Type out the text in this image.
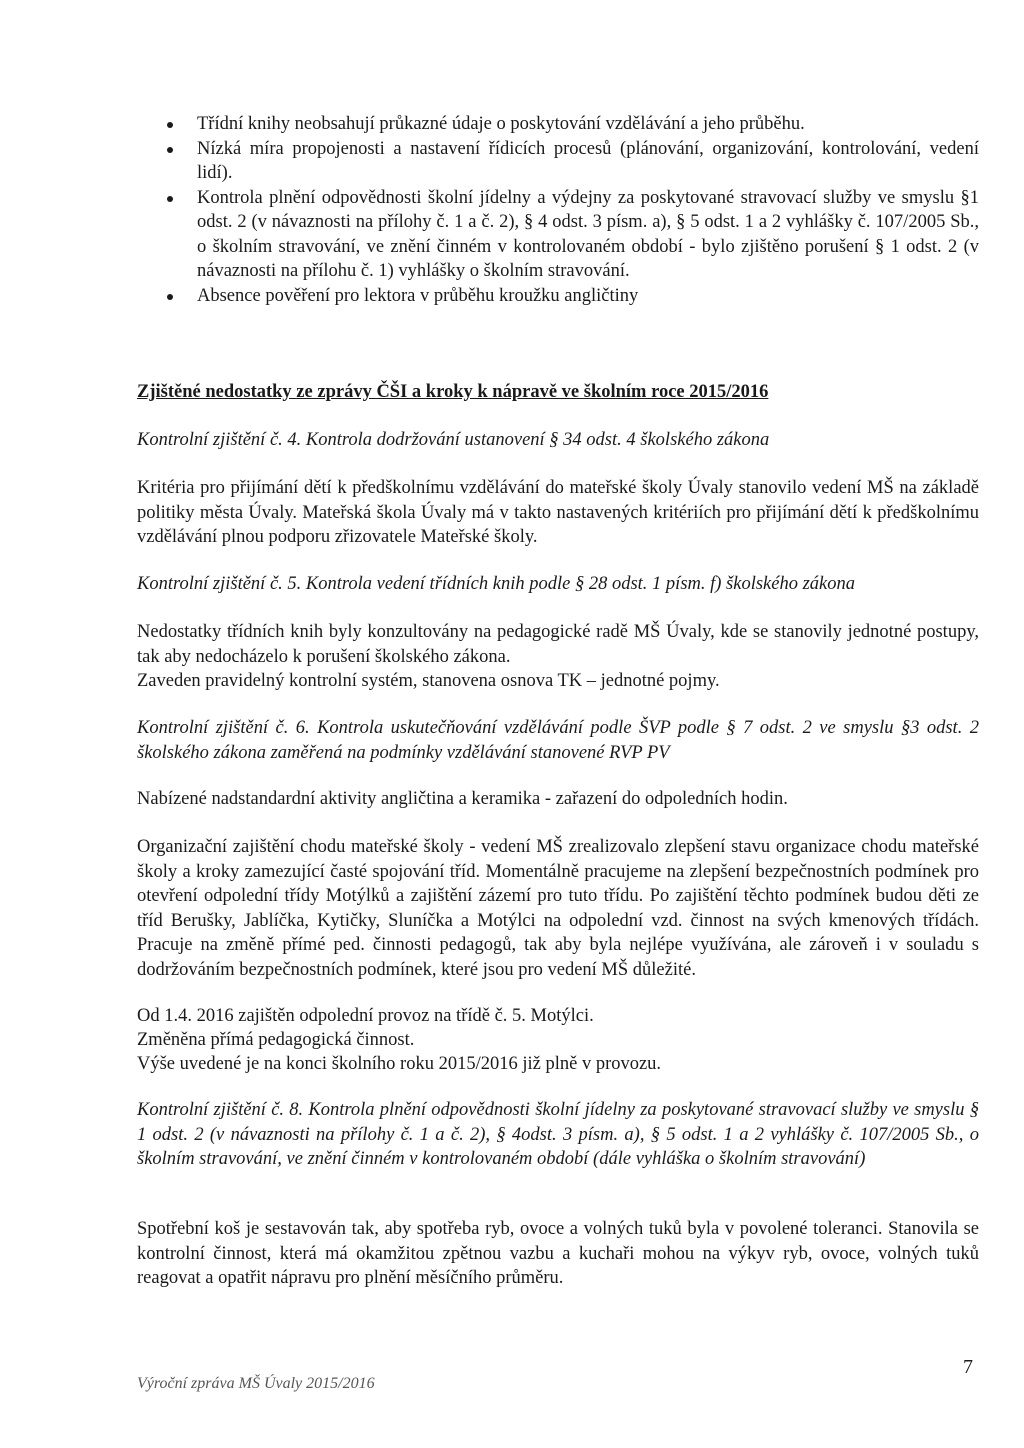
Třídní knihy neobsahují průkazné údaje o poskytování vzdělávání a jeho průběhu.
Nízká míra propojenosti a nastavení řídicích procesů (plánování, organizování, kontrolování, vedení lidí).
Kontrola plnění odpovědnosti školní jídelny a výdejny za poskytované stravovací služby ve smyslu §1 odst. 2 (v návaznosti na přílohy č. 1 a č. 2), § 4 odst. 3 písm. a), § 5 odst. 1 a 2 vyhlášky č. 107/2005 Sb., o školním stravování, ve znění činném v kontrolovaném období - bylo zjištěno porušení § 1 odst. 2 (v návaznosti na přílohu č. 1) vyhlášky o školním stravování.
Absence pověření pro lektora v průběhu kroužku angličtiny

Zjištěné nedostatky ze zprávy ČŠI a kroky k nápravě ve školním roce 2015/2016

Kontrolní zjištění č. 4. Kontrola dodržování ustanovení § 34 odst. 4 školského zákona

Kritéria pro přijímání dětí k předškolnímu vzdělávání do mateřské školy Úvaly stanovilo vedení MŠ na základě politiky města Úvaly. Mateřská škola Úvaly má v takto nastavených kritériích pro přijímání dětí k předškolnímu vzdělávání plnou podporu zřizovatele Mateřské školy.

Kontrolní zjištění č. 5. Kontrola vedení třídních knih podle § 28 odst. 1 písm. f) školského zákona

Nedostatky třídních knih byly konzultovány na pedagogické radě MŠ Úvaly, kde se stanovily jednotné postupy, tak aby nedocházelo k porušení školského zákona.

Zaveden pravidelný kontrolní systém, stanovena osnova TK – jednotné pojmy.

Kontrolní zjištění č. 6. Kontrola uskutečňování vzdělávání podle ŠVP podle § 7 odst. 2 ve smyslu §3 odst. 2 školského zákona zaměřená na podmínky vzdělávání stanovené RVP PV

Nabízené nadstandardní aktivity angličtina a keramika - zařazení do odpoledních hodin.

Organizační zajištění chodu mateřské školy - vedení MŠ zrealizovalo zlepšení stavu organizace chodu mateřské školy a kroky zamezující časté spojování tříd. Momentálně pracujeme na zlepšení bezpečnostních podmínek pro otevření odpolední třídy Motýlků a zajištění zázemí pro tuto třídu. Po zajištění těchto podmínek budou děti ze tříd Berušky, Jablíčka, Kytičky, Sluníčka a Motýlci na odpolední vzd. činnost na svých kmenových třídách. Pracuje na změně přímé ped. činnosti pedagogů, tak aby byla nejlépe využívána, ale zároveň i v souladu s dodržováním bezpečnostních podmínek, které jsou pro vedení MŠ důležité.

Od 1.4. 2016 zajištěn odpolední provoz na třídě č. 5. Motýlci.

Změněna přímá pedagogická činnost.

Výše uvedené je na konci školního roku 2015/2016 již plně v provozu.

Kontrolní zjištění č. 8. Kontrola plnění odpovědnosti školní jídelny za poskytované stravovací služby ve smyslu § 1 odst. 2 (v návaznosti na přílohy č. 1 a č. 2), § 4odst. 3 písm. a), § 5 odst. 1 a 2 vyhlášky č. 107/2005 Sb., o školním stravování, ve znění činném v kontrolovaném období (dále vyhláška o školním stravování)

Spotřební koš je sestavován tak, aby spotřeba ryb, ovoce a volných tuků byla v povolené toleranci. Stanovila se kontrolní činnost, která má okamžitou zpětnou vazbu a kuchaři mohou na výkyv ryb, ovoce, volných tuků reagovat a opatřit nápravu pro plnění měsíčního průměru.

Výroční zpráva MŠ Úvaly 2015/2016
7
